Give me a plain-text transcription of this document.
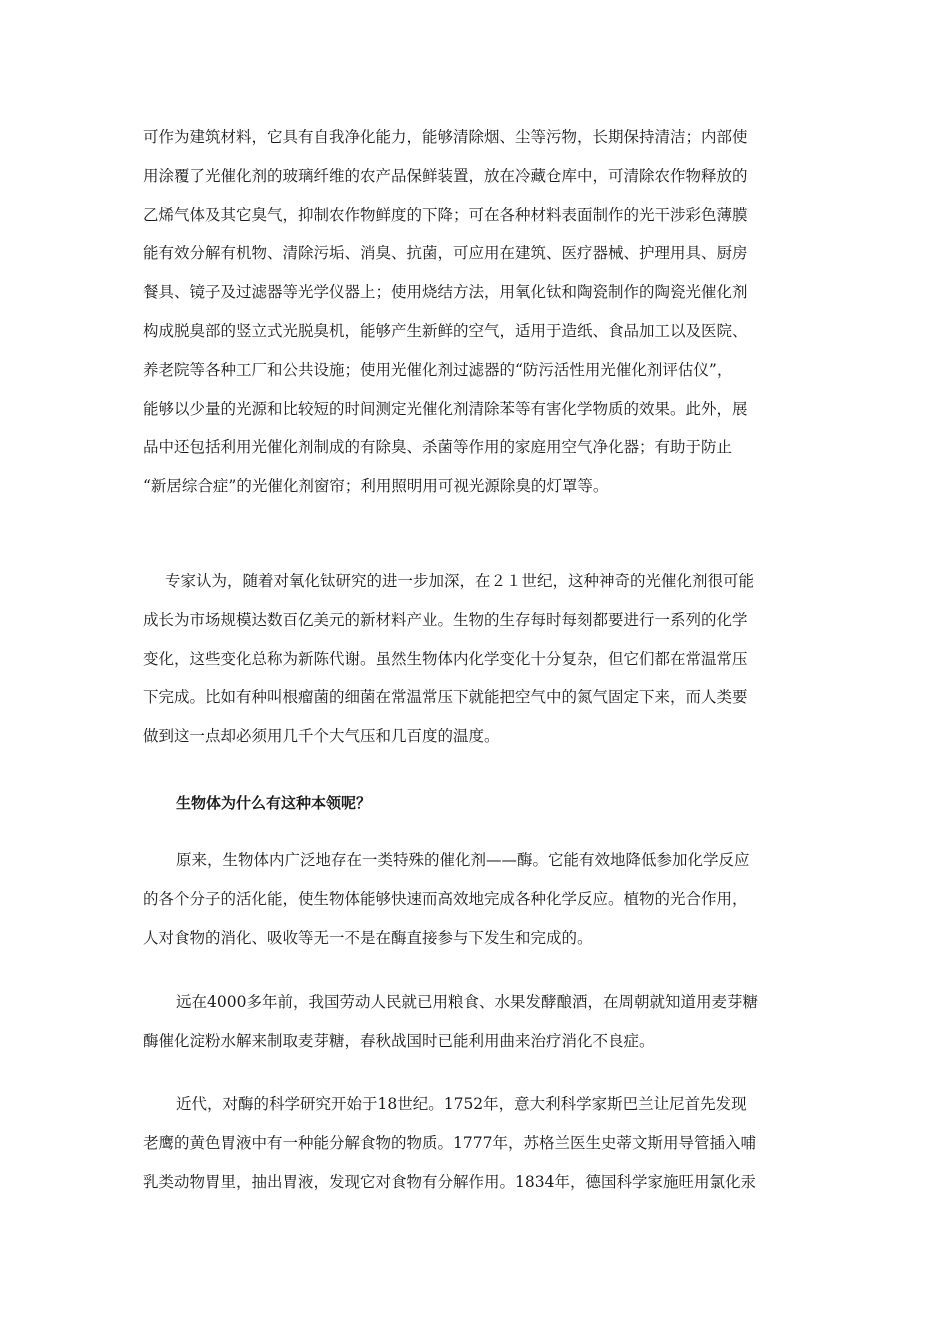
可作为建筑材料，它具有自我净化能力，能够清除烟、尘等污物，长期保持清洁；内部使
用涂覆了光催化剂的玻璃纤维的农产品保鲜装置，放在冷藏仓库中，可清除农作物释放的
乙烯气体及其它臭气，抑制农作物鲜度的下降；可在各种材料表面制作的光干涉彩色薄膜
能有效分解有机物、清除污垢、消臭、抗菌，可应用在建筑、医疗器械、护理用具、厨房
餐具、镜子及过滤器等光学仪器上；使用烧结方法，用氧化钛和陶瓷制作的陶瓷光催化剂
构成脱臭部的竖立式光脱臭机，能够产生新鲜的空气，适用于造纸、食品加工以及医院、
养老院等各种工厂和公共设施；使用光催化剂过滤器的“防污活性用光催化剂评估仪”，
能够以少量的光源和比较短的时间测定光催化剂清除苯等有害化学物质的效果。此外，展
品中还包括利用光催化剂制成的有除臭、杀菌等作用的家庭用空气净化器；有助于防止
“新居综合症”的光催化剂窗帘；利用照明用可视光源除臭的灯罩等。
专家认为，随着对氧化钛研究的进一步加深，在２１世纪，这种神奇的光催化剂很可能
成长为市场规模达数百亿美元的新材料产业。生物的生存每时每刻都要进行一系列的化学
变化，这些变化总称为新陈代谢。虽然生物体内化学变化十分复杂，但它们都在常温常压
下完成。比如有种叫根瘤菌的细菌在常温常压下就能把空气中的氮气固定下来，而人类要
做到这一点却必须用几千个大气压和几百度的温度。
生物体为什么有这种本领呢？
原来，生物体内广泛地存在一类特殊的催化剂——酶。它能有效地降低参加化学反应
的各个分子的活化能，使生物体能够快速而高效地完成各种化学反应。植物的光合作用，
人对食物的消化、吸收等无一不是在酶直接参与下发生和完成的。
远在4000多年前，我国劳动人民就已用粮食、水果发酵酿酒，在周朝就知道用麦芽糖
酶催化淀粉水解来制取麦芽糖，春秋战国时已能利用曲来治疗消化不良症。
近代，对酶的科学研究开始于18世纪。1752年，意大利科学家斯巴兰让尼首先发现
老鹰的黄色胃液中有一种能分解食物的物质。1777年，苏格兰医生史蒂文斯用导管插入哺
乳类动物胃里，抽出胃液，发现它对食物有分解作用。1834年，德国科学家施旺用氯化汞
